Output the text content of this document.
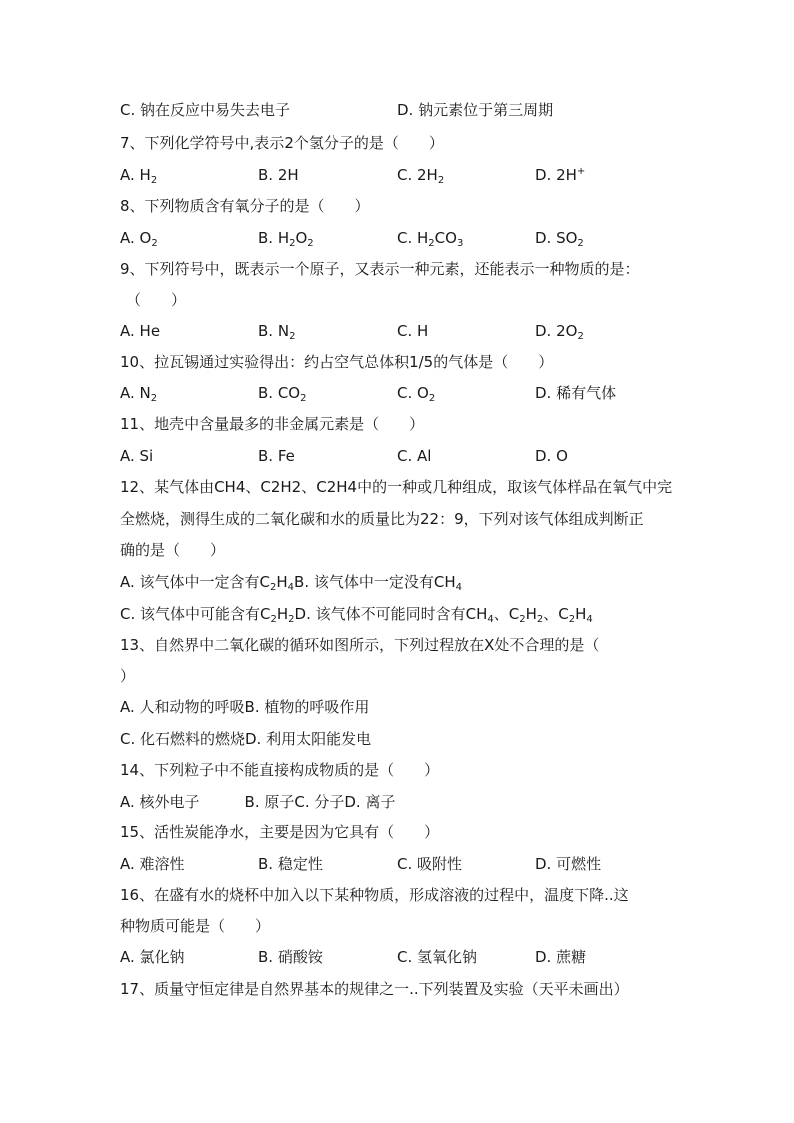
C. 钠在反应中易失去电子	D. 钠元素位于第三周期
7、下列化学符号中,表示2个氢分子的是（　　）
A. $H_2$	B. 2H	C. $2H_2$	D. 2H+
8、下列物质含有氧分子的是（　　）
A. $O_2$	B. $H_2O_2$	C. $H_2CO_3$	D. $SO_2$
9、下列符号中，既表示一个原子，又表示一种元素，还能表示一种物质的是：
（　　）
A. He	B. $N_2$	C. H	D. $2O_2$
10、拉瓦锡通过实验得出：约占空气总体积1/5的气体是（　　）
A. $N_2$	B. $CO_2$	C. $O_2$	D. 稀有气体
11、地壳中含量最多的非金属元素是（　　）
A. Si	B. Fe	C. Al	D. O
12、某气体由CH4、C2H2、C2H4中的一种或几种组成，取该气体样品在氧气中完
全燃烧，测得生成的二氧化碳和水的质量比为22：9，下列对该气体组成判断正
确的是（　　）
A. 该气体中一定含有$C_2H_4B$. 该气体中一定没有$CH_4$
C. 该气体中可能含有$C_2H_2D$. 该气体不可能同时含有$CH_4$、$C_2H_2$、$C_2H_4$
13、自然界中二氧化碳的循环如图所示，下列过程放在X处不合理的是（
）
A. 人和动物的呼吸B. 植物的呼吸作用
C. 化石燃料的燃烧D. 利用太阳能发电
14、下列粒子中不能直接构成物质的是（　　）
A. 核外电子　　　B. 原子C. 分子D. 离子
15、活性炭能净水，主要是因为它具有（　　）
A. 难溶性	B. 稳定性	C. 吸附性	D. 可燃性
16、在盛有水的烧杯中加入以下某种物质，形成溶液的过程中，温度下降..这
种物质可能是（　　）
A. 氯化钠	B. 硝酸铵	C. 氢氧化钠	D. 蔗糖
17、质量守恒定律是自然界基本的规律之一..下列装置及实验（天平未画出）
